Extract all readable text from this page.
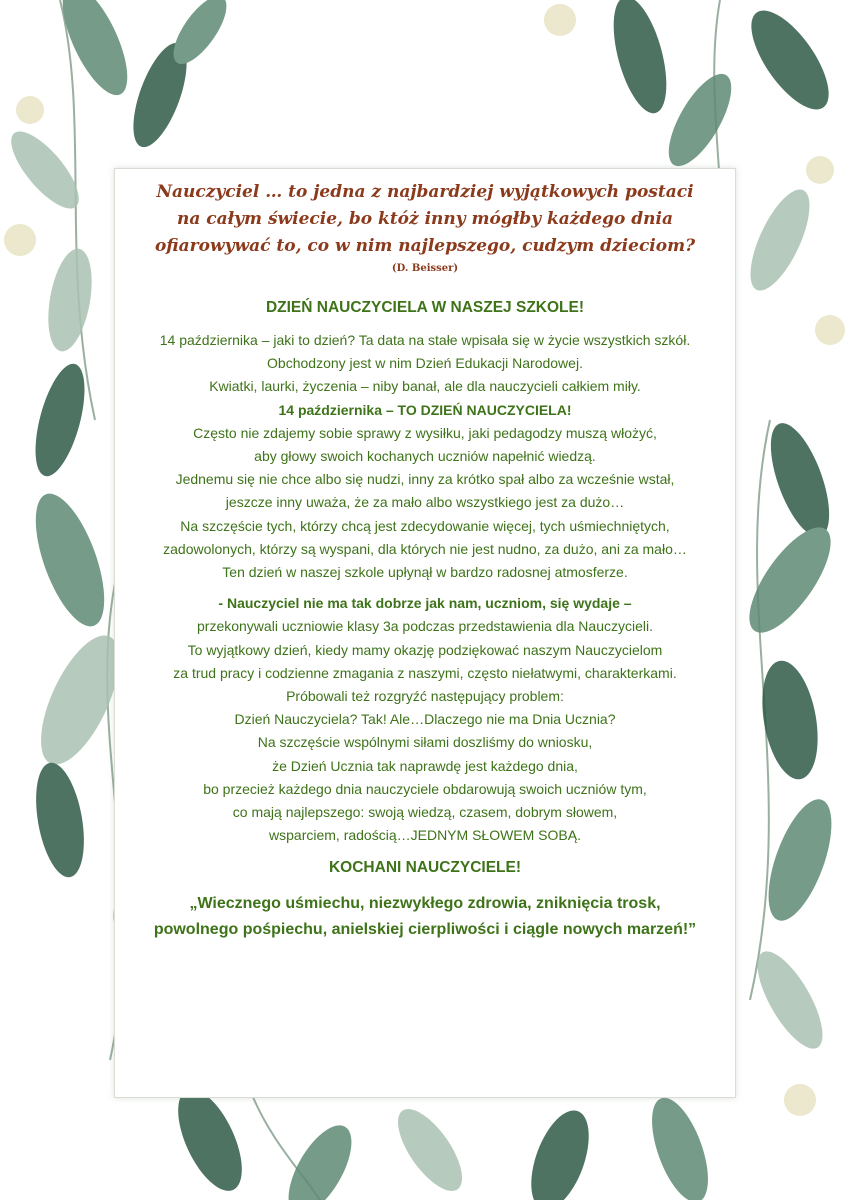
Nauczyciel … to jedna z najbardziej wyjątkowych postaci
na całym świecie, bo któż inny mógłby każdego dnia
ofiarowywać to, co w nim najlepszego, cudzym dzieciom?
(D. Beisser)
DZIEŃ NAUCZYCIELA W NASZEJ SZKOLE!
14 października – jaki to dzień? Ta data na stałe wpisała się w życie wszystkich szkół.
Obchodzony jest w nim Dzień Edukacji Narodowej.
Kwiatki, laurki, życzenia – niby banał, ale dla nauczycieli całkiem miły.
14 października – TO DZIEŃ NAUCZYCIELA!
Często nie zdajemy sobie sprawy z wysiłku, jaki pedagodzy muszą włożyć,
aby głowy swoich kochanych uczniów napełnić wiedzą.
Jednemu się nie chce albo się nudzi, inny za krótko spał albo za wcześnie wstał,
jeszcze inny uważa, że za mało albo wszystkiego jest za dużo…
Na szczęście tych, którzy chcą jest zdecydowanie więcej, tych uśmiechniętych,
zadowolonych, którzy są wyspani, dla których nie jest nudno, za dużo, ani za mało…
Ten dzień w naszej szkole upłynął w bardzo radosnej atmosferze.
- Nauczyciel nie ma tak dobrze jak nam, uczniom, się wydaje –
przekonywali uczniowie klasy 3a podczas przedstawienia dla Nauczycieli.
To wyjątkowy dzień, kiedy mamy okazję podziękować naszym Nauczycielom
za trud pracy i codzienne zmagania z naszymi, często niełatwymi, charakterkami.
Próbowali też rozgryźć następujący problem:
Dzień Nauczyciela? Tak! Ale…Dlaczego nie ma Dnia Ucznia?
Na szczęście wspólnymi siłami doszliśmy do wniosku,
że Dzień Ucznia tak naprawdę jest każdego dnia,
bo przecież każdego dnia nauczyciele obdarowują swoich uczniów tym,
co mają najlepszego: swoją wiedzą, czasem, dobrym słowem,
wsparciem, radością…JEDNYM SŁOWEM SOBĄ.
KOCHANI NAUCZYCIELE!
„Wiecznego uśmiechu, niezwykłego zdrowia, zniknięcia trosk,
powolnego pośpiechu, anielskiej cierpliwości i ciągle nowych marzeń!”
